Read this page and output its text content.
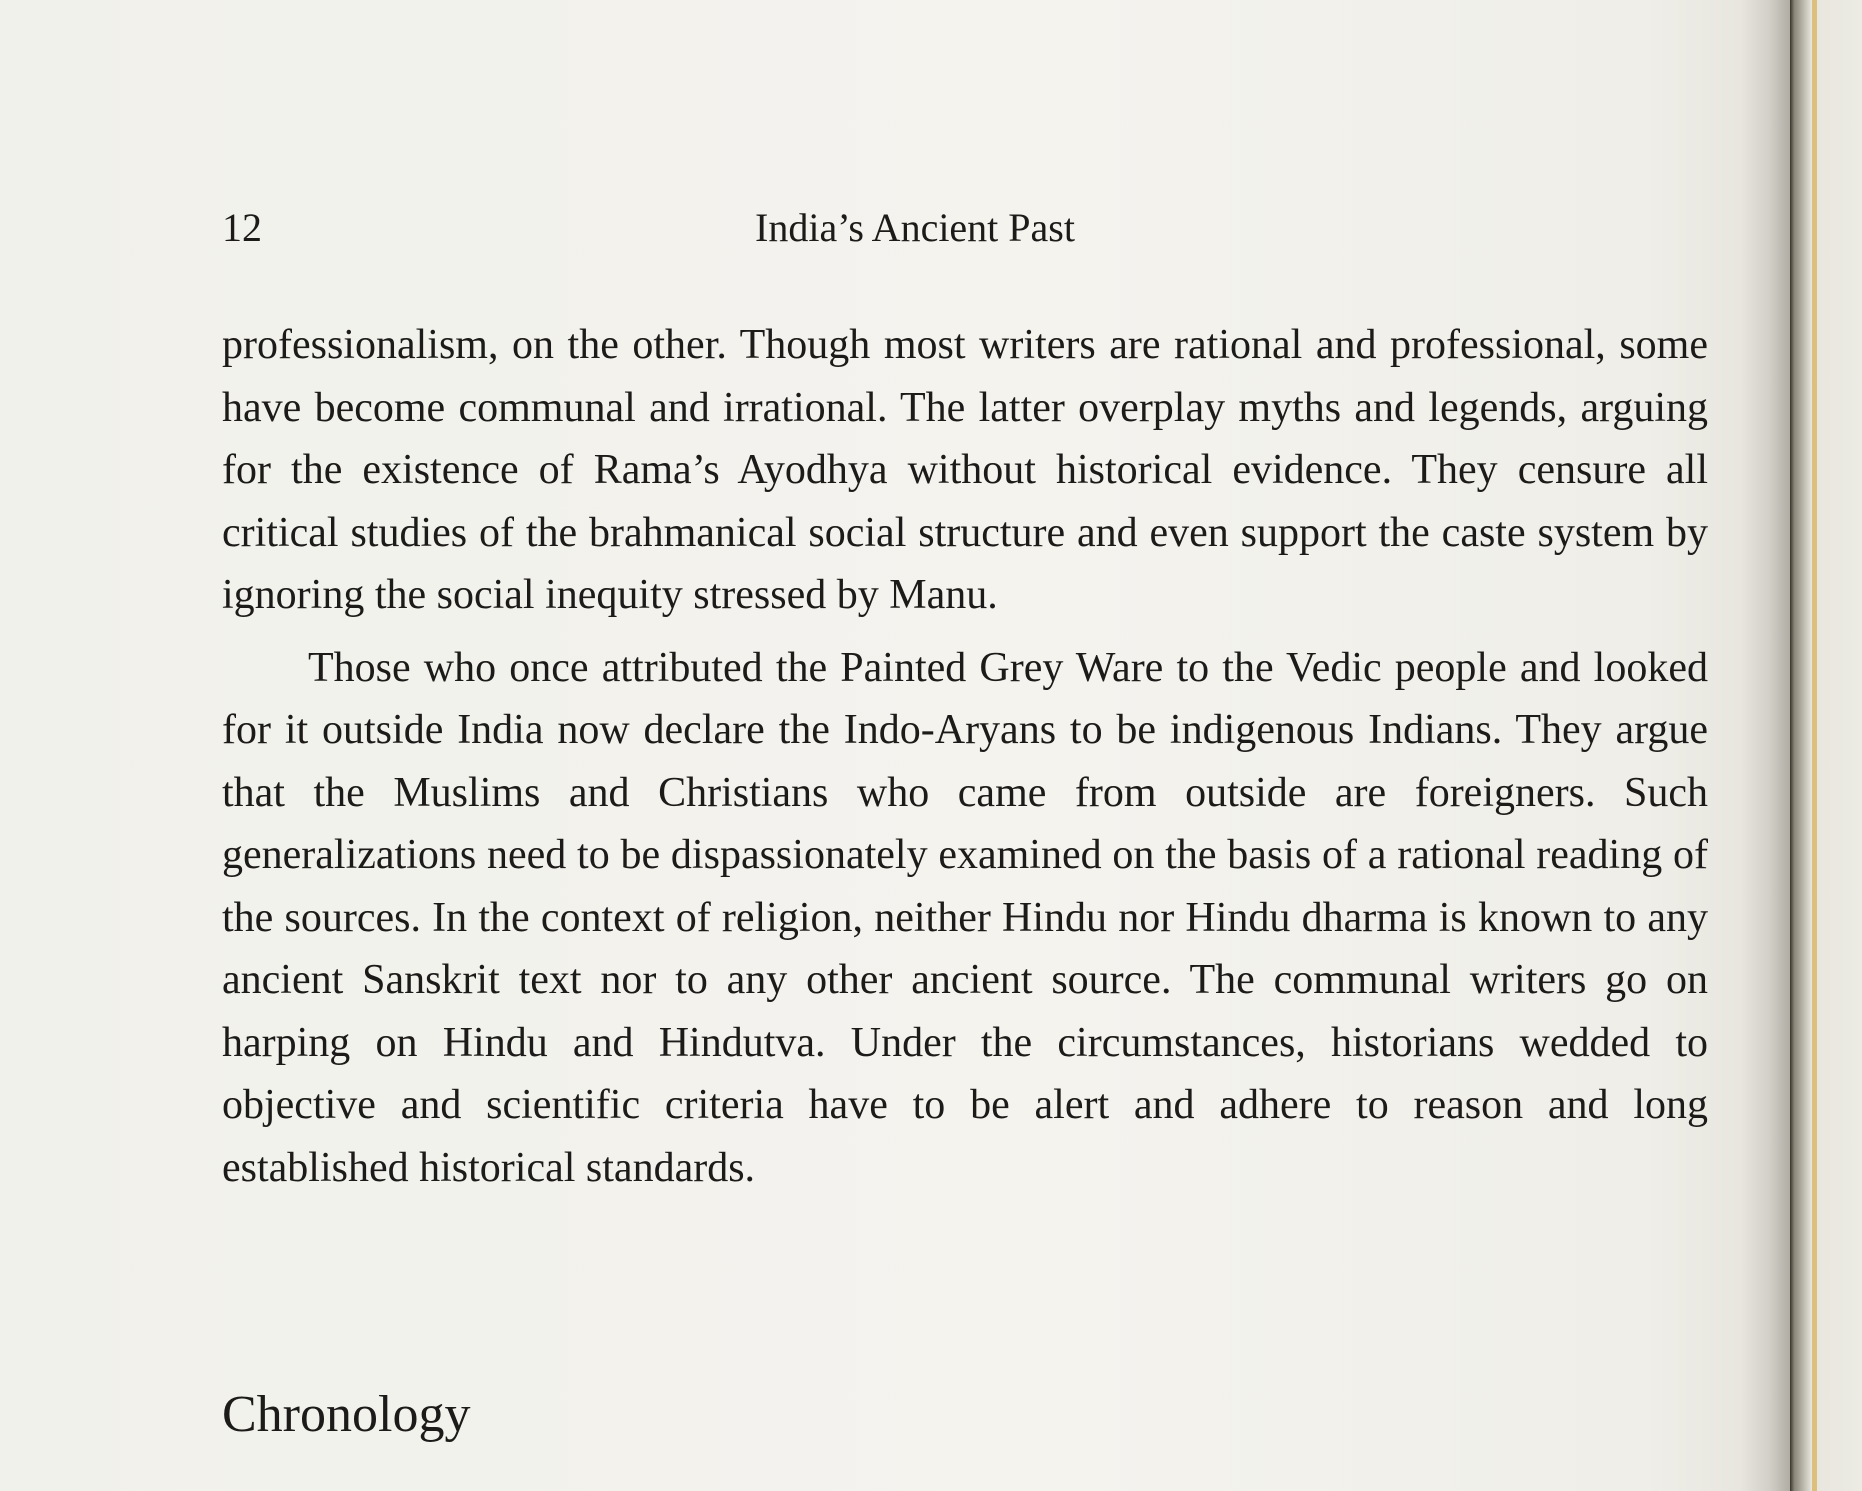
12	India’s Ancient Past

professionalism, on the other. Though most writers are rational and professional, some have become communal and irrational. The latter overplay myths and legends, arguing for the existence of Rama’s Ayodhya without historical evidence. They censure all critical studies of the brahmanical social structure and even support the caste system by ignoring the social inequity stressed by Manu.

Those who once attributed the Painted Grey Ware to the Vedic people and looked for it outside India now declare the Indo-Aryans to be indigenous Indians. They argue that the Muslims and Christians who came from outside are foreigners. Such generalizations need to be dispassionately examined on the basis of a rational reading of the sources. In the context of religion, neither Hindu nor Hindu dharma is known to any ancient Sanskrit text nor to any other ancient source. The communal writers go on harping on Hindu and Hindutva. Under the circumstances, historians wedded to objective and scientific criteria have to be alert and adhere to reason and long established historical standards.

Chronology
